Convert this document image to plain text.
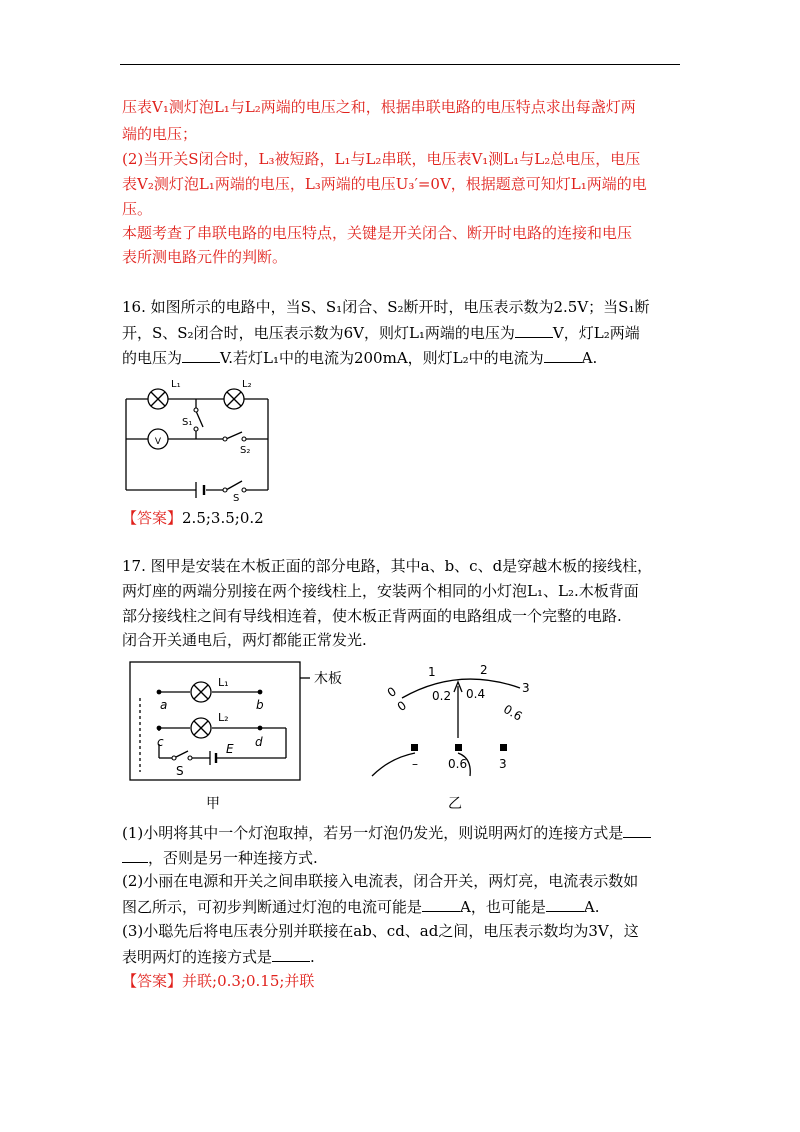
压表V₁测灯泡L₁与L₂两端的电压之和，根据串联电路的电压特点求出每盏灯两
端的电压；
(2)当开关S闭合时，L₃被短路，L₁与L₂串联，电压表V₁测L₁与L₂总电压，电压
表V₂测灯泡L₁两端的电压，L₃两端的电压U₃′=0V，根据题意可知灯L₁两端的电
压。
本题考查了串联电路的电压特点，关键是开关闭合、断开时电路的连接和电压
表所测电路元件的判断。
16. 如图所示的电路中，当S、S₁闭合、S₂断开时，电压表示数为2.5V；当S₁断
开，S、S₂闭合时，电压表示数为6V，则灯L₁两端的电压为	V，灯L₂两端
的电压为	V.若灯L₁中的电流为200mA，则灯L₂中的电流为	A.
V
L₁	L₂
S₁
S₂
S
【答案】2.5;3.5;0.2
17. 图甲是安装在木板正面的部分电路，其中a、b、c、d是穿越木板的接线柱，
两灯座的两端分别接在两个接线柱上，安装两个相同的小灯泡L₁、L₂.木板背面
部分接线柱之间有导线相连着，使木板正背两面的电路组成一个完整的电路.
闭合开关通电后，两灯都能正常发光.
木板
L₁
L₂
a	b
c	d
E
S
甲
0
1	2
3
0
0.2 0.4
0.6
–	0.6	3
乙
(1)小明将其中一个灯泡取掉，若另一灯泡仍发光，则说明两灯的连接方式是
，否则是另一种连接方式.
(2)小丽在电源和开关之间串联接入电流表，闭合开关，两灯亮，电流表示数如
图乙所示，可初步判断通过灯泡的电流可能是	A，也可能是	A.
(3)小聪先后将电压表分别并联接在ab、cd、ad之间，电压表示数均为3V，这
表明两灯的连接方式是	.
【答案】并联;0.3;0.15;并联
